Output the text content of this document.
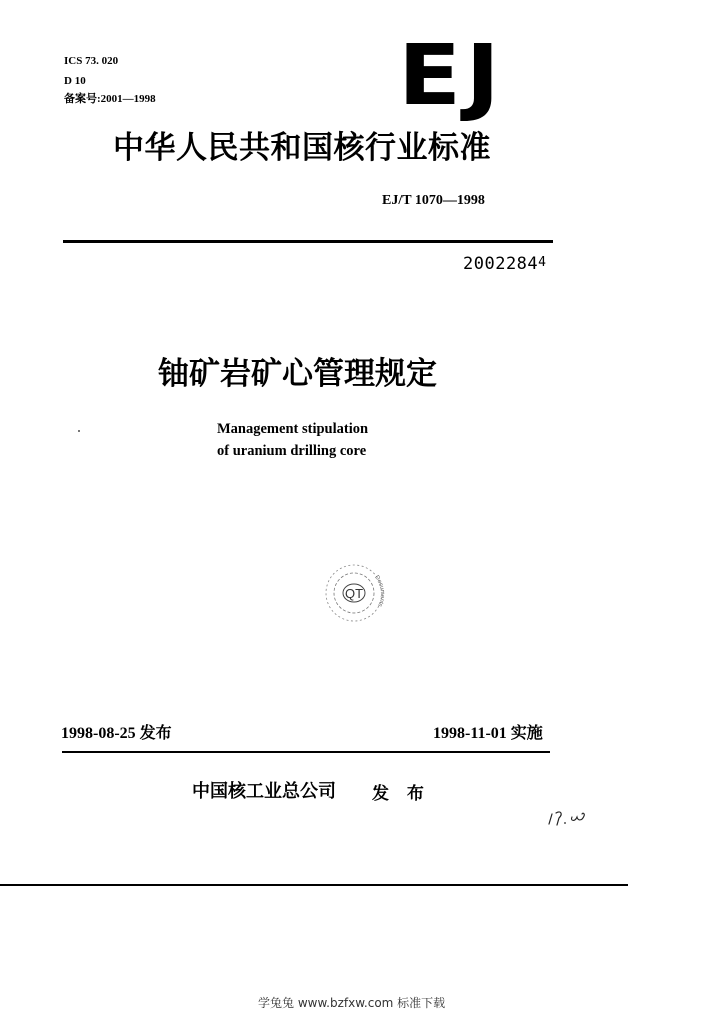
ICS 73. 020
D 10
备案号:2001—1998	EJ
中华人民共和国核行业标准
EJ/T 1070—1998
20022844
铀矿岩矿心管理规定
Management stipulation
of uranium drilling core
QT
Documents
1998-08-25 发布	1998-11-01 实施
中国核工业总公司 发 布
学兔兔 www.bzfxw.com 标准下载
